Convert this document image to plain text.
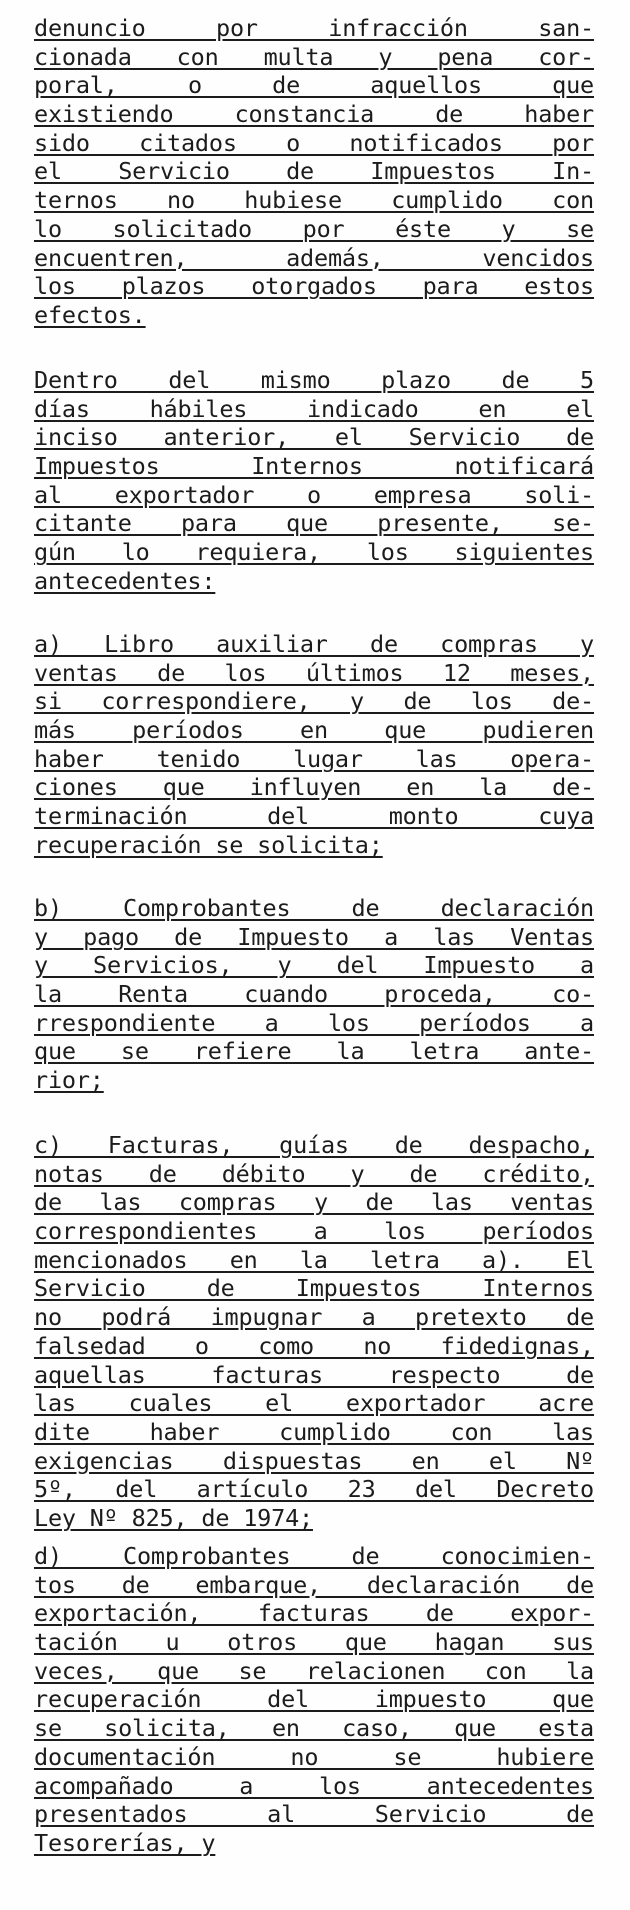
denuncio por infracción san-
cionada con multa y pena cor-
poral, o de aquellos que
existiendo constancia de haber
sido citados o notificados por
el Servicio de Impuestos In-
ternos no hubiese cumplido con
lo solicitado por éste y se
encuentren, además, vencidos
los plazos otorgados para estos
efectos.
Dentro del mismo plazo de 5
días hábiles indicado en el
inciso anterior, el Servicio de
Impuestos Internos notificará
al exportador o empresa soli-
citante para que presente, se-
gún lo requiera, los siguientes
antecedentes:
a) Libro auxiliar de compras y
ventas de los últimos 12 meses,
si correspondiere, y de los de-
más períodos en que pudieren
haber tenido lugar las opera-
ciones que influyen en la de-
terminación del monto cuya
recuperación se solicita;
b) Comprobantes de declaración
y pago de Impuesto a las Ventas
y Servicios, y del Impuesto a
la Renta cuando proceda, co-
rrespondiente a los períodos a
que se refiere la letra ante-
rior;
c) Facturas, guías de despacho,
notas de débito y de crédito,
de las compras y de las ventas
correspondientes a los períodos
mencionados en la letra a). El
Servicio de Impuestos Internos
no podrá impugnar a pretexto de
falsedad o como no fidedignas,
aquellas facturas respecto de
las cuales el exportador acre
dite haber cumplido con las
exigencias dispuestas en el Nº
5º, del artículo 23 del Decreto
Ley Nº 825, de 1974;
d) Comprobantes de conocimien-
tos de embarque, declaración de
exportación, facturas de expor-
tación u otros que hagan sus
veces, que se relacionen con la
recuperación del impuesto que
se solicita, en caso, que esta
documentación no se hubiere
acompañado a los antecedentes
presentados al Servicio de
Tesorerías, y
